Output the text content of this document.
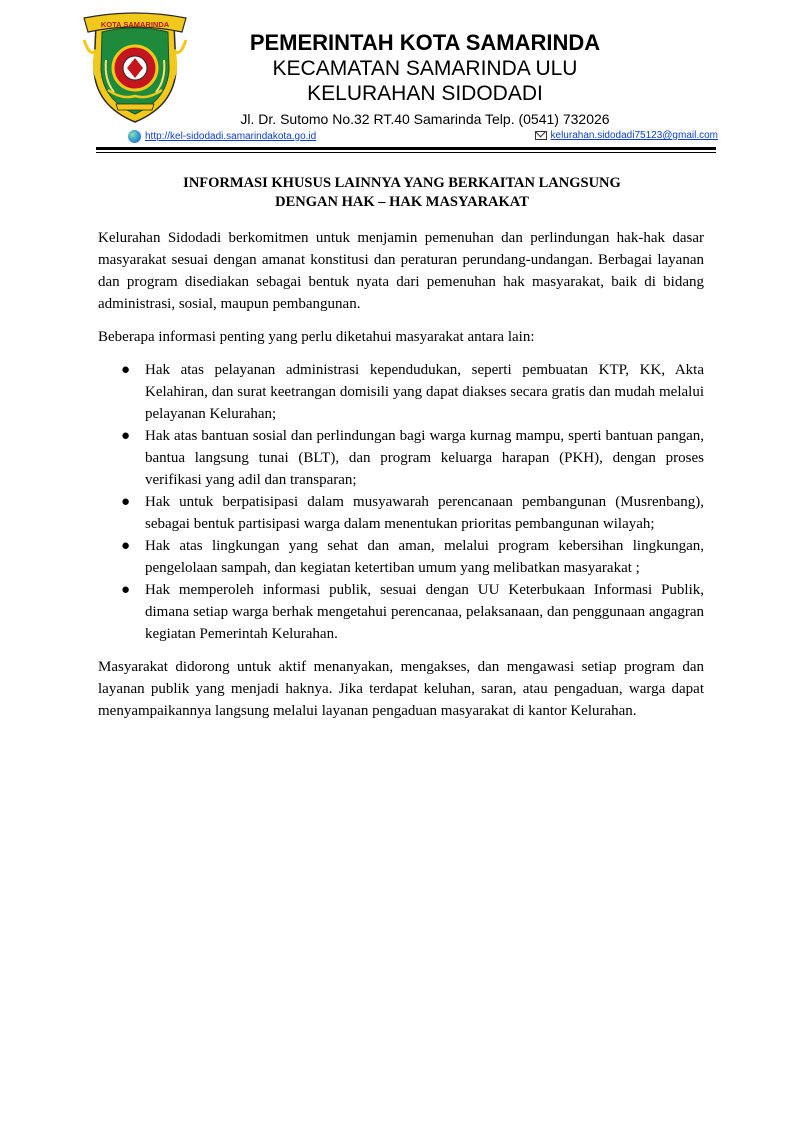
KOTA SAMARINDA
PEMERINTAH KOTA SAMARINDA
KECAMATAN SAMARINDA ULU
KELURAHAN SIDODADI
Jl. Dr. Sutomo No.32 RT.40 Samarinda Telp. (0541) 732026
http://kel-sidodadi.samarindakota.go.id	kelurahan.sidodadi75123@gmail.com
INFORMASI KHUSUS LAINNYA YANG BERKAITAN LANGSUNG
DENGAN HAK – HAK MASYARAKAT

Kelurahan Sidodadi berkomitmen untuk menjamin pemenuhan dan perlindungan hak-hak dasar masyarakat sesuai dengan amanat konstitusi dan peraturan perundang-undangan. Berbagai layanan dan program disediakan sebagai bentuk nyata dari pemenuhan hak masyarakat, baik di bidang administrasi, sosial, maupun pembangunan.

Beberapa informasi penting yang perlu diketahui masyarakat antara lain:

● Hak atas pelayanan administrasi kependudukan, seperti pembuatan KTP, KK, Akta Kelahiran, dan surat keetrangan domisili yang dapat diakses secara gratis dan mudah melalui pelayanan Kelurahan;
● Hak atas bantuan sosial dan perlindungan bagi warga kurnag mampu, sperti bantuan pangan, bantua langsung tunai (BLT), dan program keluarga harapan (PKH), dengan proses verifikasi yang adil dan transparan;
● Hak untuk berpatisipasi dalam musyawarah perencanaan pembangunan (Musrenbang), sebagai bentuk partisipasi warga dalam menentukan prioritas pembangunan wilayah;
● Hak atas lingkungan yang sehat dan aman, melalui program kebersihan lingkungan, pengelolaan sampah, dan kegiatan ketertiban umum yang melibatkan masyarakat ;
● Hak memperoleh informasi publik, sesuai dengan UU Keterbukaan Informasi Publik, dimana setiap warga berhak mengetahui perencanaa, pelaksanaan, dan penggunaan angagran kegiatan Pemerintah Kelurahan.

Masyarakat didorong untuk aktif menanyakan, mengakses, dan mengawasi setiap program dan layanan publik yang menjadi haknya. Jika terdapat keluhan, saran, atau pengaduan, warga dapat menyampaikannya langsung melalui layanan pengaduan masyarakat di kantor Kelurahan.
